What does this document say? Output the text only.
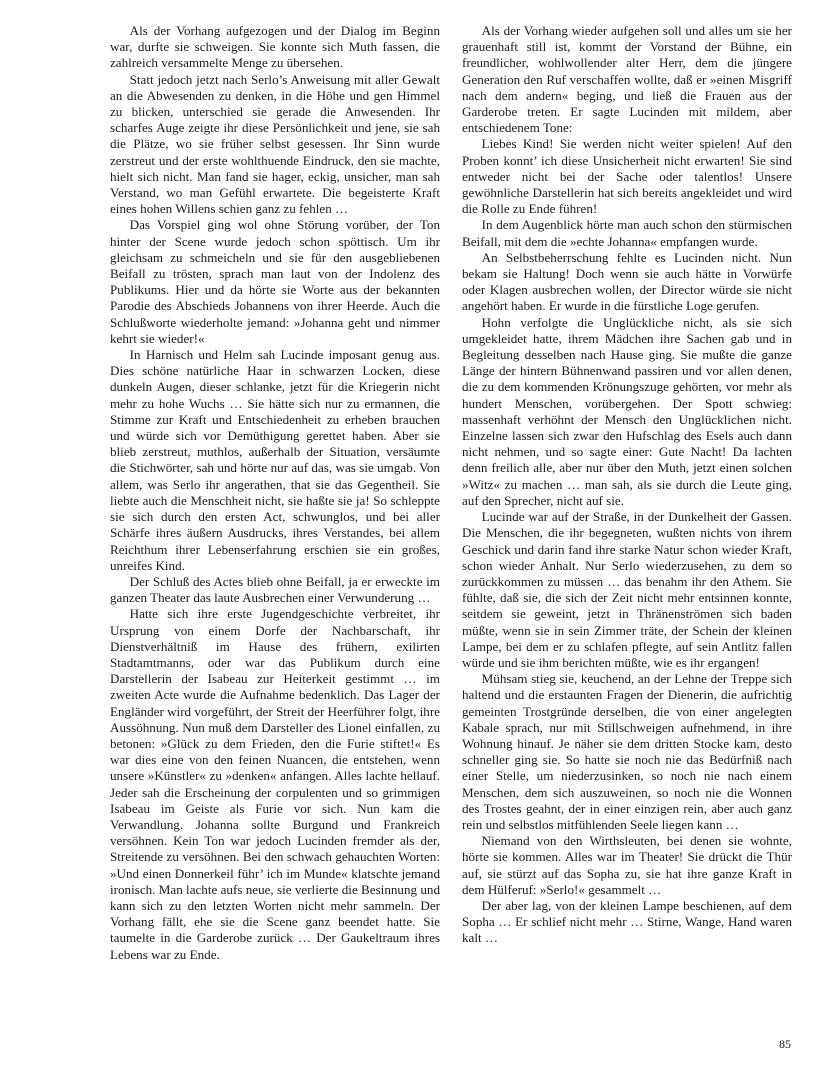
Als der Vorhang aufgezogen und der Dialog im Beginn war, durfte sie schweigen. Sie konnte sich Muth fassen, die zahlreich versammelte Menge zu übersehen.

Statt jedoch jetzt nach Serlo’s Anweisung mit aller Gewalt an die Abwesenden zu denken, in die Höhe und gen Himmel zu blicken, unterschied sie gerade die Anwesenden. Ihr scharfes Auge zeigte ihr diese Persönlichkeit und jene, sie sah die Plätze, wo sie früher selbst gesessen. Ihr Sinn wurde zerstreut und der erste wohlthuende Eindruck, den sie machte, hielt sich nicht. Man fand sie hager, eckig, unsicher, man sah Verstand, wo man Gefühl erwartete. Die begeisterte Kraft eines hohen Willens schien ganz zu fehlen …

Das Vorspiel ging wol ohne Störung vorüber, der Ton hinter der Scene wurde jedoch schon spöttisch. Um ihr gleichsam zu schmeicheln und sie für den ausgebliebenen Beifall zu trösten, sprach man laut von der Indolenz des Publikums. Hier und da hörte sie Worte aus der bekannten Parodie des Abschieds Johannens von ihrer Heerde. Auch die Schlußworte wiederholte jemand: »Johanna geht und nimmer kehrt sie wieder!«

In Harnisch und Helm sah Lucinde imposant genug aus. Dies schöne natürliche Haar in schwarzen Locken, diese dunkeln Augen, dieser schlanke, jetzt für die Kriegerin nicht mehr zu hohe Wuchs … Sie hätte sich nur zu ermannen, die Stimme zur Kraft und Entschiedenheit zu erheben brauchen und würde sich vor Demüthigung gerettet haben. Aber sie blieb zerstreut, muthlos, außerhalb der Situation, versäumte die Stichwörter, sah und hörte nur auf das, was sie umgab. Von allem, was Serlo ihr angerathen, that sie das Gegentheil. Sie liebte auch die Menschheit nicht, sie haßte sie ja! So schleppte sie sich durch den ersten Act, schwunglos, und bei aller Schärfe ihres äußern Ausdrucks, ihres Verstandes, bei allem Reichthum ihrer Lebenserfahrung erschien sie ein großes, unreifes Kind.

Der Schluß des Actes blieb ohne Beifall, ja er erweckte im ganzen Theater das laute Ausbrechen einer Verwunderung …

Hatte sich ihre erste Jugendgeschichte verbreitet, ihr Ursprung von einem Dorfe der Nachbarschaft, ihr Dienstverhältniß im Hause des frühern, exilirten Stadtamtmanns, oder war das Publikum durch eine Darstellerin der Isabeau zur Heiterkeit gestimmt … im zweiten Acte wurde die Aufnahme bedenklich. Das Lager der Engländer wird vorgeführt, der Streit der Heerführer folgt, ihre Aussöhnung. Nun muß dem Darsteller des Lionel einfallen, zu betonen: »Glück zu dem Frieden, den die Furie stiftet!« Es war dies eine von den feinen Nuancen, die entstehen, wenn unsere »Künstler« zu »denken« anfangen. Alles lachte hellauf. Jeder sah die Erscheinung der corpulenten und so grimmigen Isabeau im Geiste als Furie vor sich. Nun kam die Verwandlung. Johanna sollte Burgund und Frankreich versöhnen. Kein Ton war jedoch Lucinden fremder als der, Streitende zu versöhnen. Bei den schwach gehauchten Worten: »Und einen Donnerkeil führ’ ich im Munde« klatschte jemand ironisch. Man lachte aufs neue, sie verlierte die Besinnung und kann sich zu den letzten Worten nicht mehr sammeln. Der Vorhang fällt, ehe sie die Scene ganz beendet hatte. Sie taumelte in die Garderobe zurück … Der Gaukeltraum ihres Lebens war zu Ende.

Als der Vorhang wieder aufgehen soll und alles um sie her grauenhaft still ist, kommt der Vorstand der Bühne, ein freundlicher, wohlwollender alter Herr, dem die jüngere Generation den Ruf verschaffen wollte, daß er »einen Misgriff nach dem andern« beging, und ließ die Frauen aus der Garderobe treten. Er sagte Lucinden mit mildem, aber entschiedenem Tone:

Liebes Kind! Sie werden nicht weiter spielen! Auf den Proben konnt’ ich diese Unsicherheit nicht erwarten! Sie sind entweder nicht bei der Sache oder talentlos! Unsere gewöhnliche Darstellerin hat sich bereits angekleidet und wird die Rolle zu Ende führen!

In dem Augenblick hörte man auch schon den stürmischen Beifall, mit dem die »echte Johanna« empfangen wurde.

An Selbstbeherrschung fehlte es Lucinden nicht. Nun bekam sie Haltung! Doch wenn sie auch hätte in Vorwürfe oder Klagen ausbrechen wollen, der Director würde sie nicht angehört haben. Er wurde in die fürstliche Loge gerufen.

Hohn verfolgte die Unglückliche nicht, als sie sich umgekleidet hatte, ihrem Mädchen ihre Sachen gab und in Begleitung desselben nach Hause ging. Sie mußte die ganze Länge der hintern Bühnenwand passiren und vor allen denen, die zu dem kommenden Krönungszuge gehörten, vor mehr als hundert Menschen, vorübergehen. Der Spott schwieg: massenhaft verhöhnt der Mensch den Unglücklichen nicht. Einzelne lassen sich zwar den Hufschlag des Esels auch dann nicht nehmen, und so sagte einer: Gute Nacht! Da lachten denn freilich alle, aber nur über den Muth, jetzt einen solchen »Witz« zu machen … man sah, als sie durch die Leute ging, auf den Sprecher, nicht auf sie.

Lucinde war auf der Straße, in der Dunkelheit der Gassen. Die Menschen, die ihr begegneten, wußten nichts von ihrem Geschick und darin fand ihre starke Natur schon wieder Kraft, schon wieder Anhalt. Nur Serlo wiederzusehen, zu dem so zurückkommen zu müssen … das benahm ihr den Athem. Sie fühlte, daß sie, die sich der Zeit nicht mehr entsinnen konnte, seitdem sie geweint, jetzt in Thränenströmen sich baden müßte, wenn sie in sein Zimmer träte, der Schein der kleinen Lampe, bei dem er zu schlafen pflegte, auf sein Antlitz fallen würde und sie ihm berichten müßte, wie es ihr ergangen!

Mühsam stieg sie, keuchend, an der Lehne der Treppe sich haltend und die erstaunten Fragen der Dienerin, die aufrichtig gemeinten Trostgründe derselben, die von einer angelegten Kabale sprach, nur mit Stillschweigen aufnehmend, in ihre Wohnung hinauf. Je näher sie dem dritten Stocke kam, desto schneller ging sie. So hatte sie noch nie das Bedürfniß nach einer Stelle, um niederzusinken, so noch nie nach einem Menschen, dem sich auszuweinen, so noch nie die Wonnen des Trostes geahnt, der in einer einzigen rein, aber auch ganz rein und selbstlos mitfühlenden Seele liegen kann …

Niemand von den Wirthsleuten, bei denen sie wohnte, hörte sie kommen. Alles war im Theater! Sie drückt die Thür auf, sie stürzt auf das Sopha zu, sie hat ihre ganze Kraft in dem Hülferuf: »Serlo!« gesammelt …

Der aber lag, von der kleinen Lampe beschienen, auf dem Sopha … Er schlief nicht mehr … Stirne, Wange, Hand waren kalt …

85
